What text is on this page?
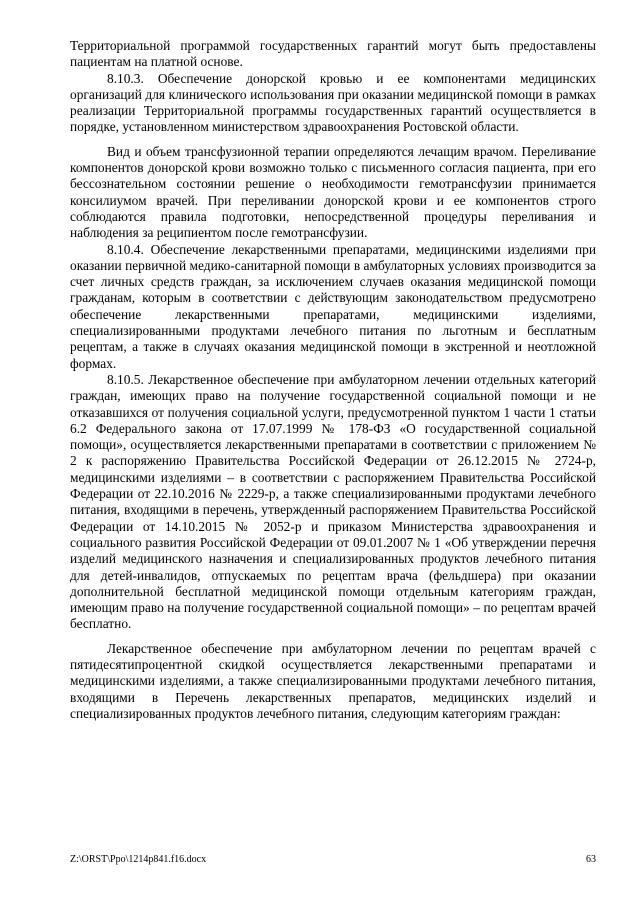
Территориальной программой государственных гарантий могут быть предоставлены пациентам на платной основе.

8.10.3. Обеспечение донорской кровью и ее компонентами медицинских организаций для клинического использования при оказании медицинской помощи в рамках реализации Территориальной программы государственных гарантий осуществляется в порядке, установленном министерством здравоохранения Ростовской области.

Вид и объем трансфузионной терапии определяются лечащим врачом. Переливание компонентов донорской крови возможно только с письменного согласия пациента, при его бессознательном состоянии решение о необходимости гемотрансфузии принимается консилиумом врачей. При переливании донорской крови и ее компонентов строго соблюдаются правила подготовки, непосредственной процедуры переливания и наблюдения за реципиентом после гемотрансфузии.

8.10.4. Обеспечение лекарственными препаратами, медицинскими изделиями при оказании первичной медико-санитарной помощи в амбулаторных условиях производится за счет личных средств граждан, за исключением случаев оказания медицинской помощи гражданам, которым в соответствии с действующим законодательством предусмотрено обеспечение лекарственными препаратами, медицинскими изделиями, специализированными продуктами лечебного питания по льготным и бесплатным рецептам, а также в случаях оказания медицинской помощи в экстренной и неотложной формах.

8.10.5. Лекарственное обеспечение при амбулаторном лечении отдельных категорий граждан, имеющих право на получение государственной социальной помощи и не отказавшихся от получения социальной услуги, предусмотренной пунктом 1 части 1 статьи 6.2 Федерального закона от 17.07.1999 № 178-ФЗ «О государственной социальной помощи», осуществляется лекарственными препаратами в соответствии с приложением № 2 к распоряжению Правительства Российской Федерации от 26.12.2015 № 2724-р, медицинскими изделиями – в соответствии с распоряжением Правительства Российской Федерации от 22.10.2016 № 2229-р, а также специализированными продуктами лечебного питания, входящими в перечень, утвержденный распоряжением Правительства Российской Федерации от 14.10.2015 № 2052-р и приказом Министерства здравоохранения и социального развития Российской Федерации от 09.01.2007 № 1 «Об утверждении перечня изделий медицинского назначения и специализированных продуктов лечебного питания для детей-инвалидов, отпускаемых по рецептам врача (фельдшера) при оказании дополнительной бесплатной медицинской помощи отдельным категориям граждан, имеющим право на получение государственной социальной помощи» – по рецептам врачей бесплатно.

Лекарственное обеспечение при амбулаторном лечении по рецептам врачей с пятидесятипроцентной скидкой осуществляется лекарственными препаратами и медицинскими изделиями, а также специализированными продуктами лечебного питания, входящими в Перечень лекарственных препаратов, медицинских изделий и специализированных продуктов лечебного питания, следующим категориям граждан:

Z:\ORST\Ppo\1214p841.f16.docx	63
